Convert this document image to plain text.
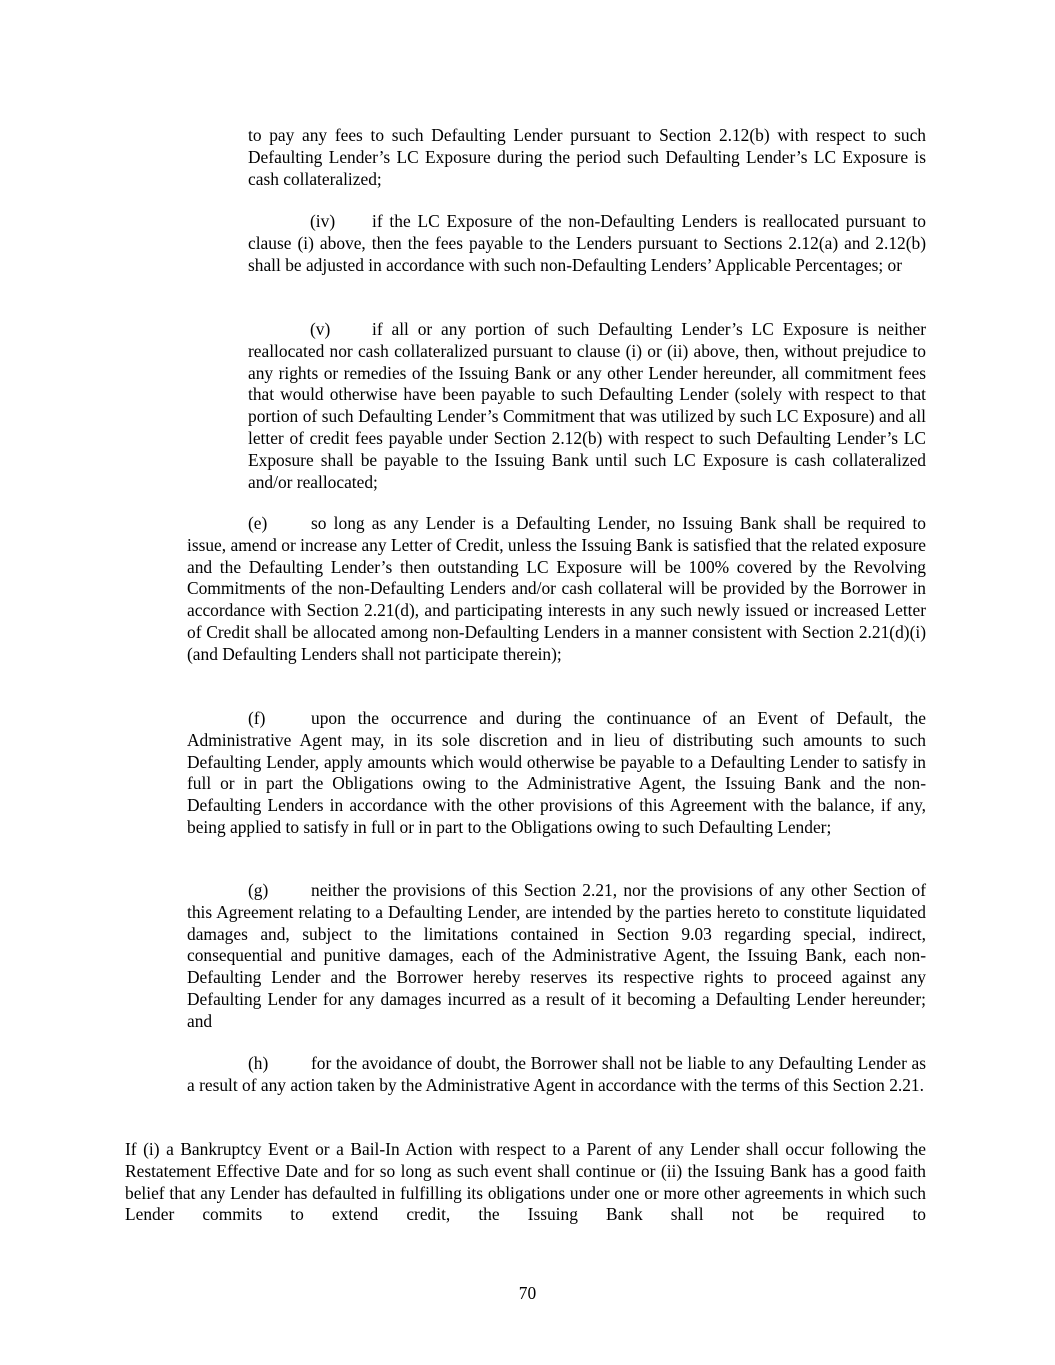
to pay any fees to such Defaulting Lender pursuant to Section 2.12(b) with respect to such Defaulting Lender’s LC Exposure during the period such Defaulting Lender’s LC Exposure is cash collateralized;

(iv) if the LC Exposure of the non-Defaulting Lenders is reallocated pursuant to clause (i) above, then the fees payable to the Lenders pursuant to Sections 2.12(a) and 2.12(b) shall be adjusted in accordance with such non-Defaulting Lenders’ Applicable Percentages; or

(v) if all or any portion of such Defaulting Lender’s LC Exposure is neither reallocated nor cash collateralized pursuant to clause (i) or (ii) above, then, without prejudice to any rights or remedies of the Issuing Bank or any other Lender hereunder, all commitment fees that would otherwise have been payable to such Defaulting Lender (solely with respect to that portion of such Defaulting Lender’s Commitment that was utilized by such LC Exposure) and all letter of credit fees payable under Section 2.12(b) with respect to such Defaulting Lender’s LC Exposure shall be payable to the Issuing Bank until such LC Exposure is cash collateralized and/or reallocated;

(e)	so long as any Lender is a Defaulting Lender, no Issuing Bank shall be required to issue, amend or increase any Letter of Credit, unless the Issuing Bank is satisfied that the related exposure and the Defaulting Lender’s then outstanding LC Exposure will be 100% covered by the Revolving Commitments of the non-Defaulting Lenders and/or cash collateral will be provided by the Borrower in accordance with Section 2.21(d), and participating interests in any such newly issued or increased Letter of Credit shall be allocated among non-Defaulting Lenders in a manner consistent with Section 2.21(d)(i) (and Defaulting Lenders shall not participate therein);

(f)	upon the occurrence and during the continuance of an Event of Default, the Administrative Agent may, in its sole discretion and in lieu of distributing such amounts to such Defaulting Lender, apply amounts which would otherwise be payable to a Defaulting Lender to satisfy in full or in part the Obligations owing to the Administrative Agent, the Issuing Bank and the non-Defaulting Lenders in accordance with the other provisions of this Agreement with the balance, if any, being applied to satisfy in full or in part to the Obligations owing to such Defaulting Lender;

(g) neither the provisions of this Section 2.21, nor the provisions of any other Section of this Agreement relating to a Defaulting Lender, are intended by the parties hereto to constitute liquidated damages and, subject to the limitations contained in Section 9.03 regarding special, indirect, consequential and punitive damages, each of the Administrative Agent, the Issuing Bank, each non-Defaulting Lender and the Borrower hereby reserves its respective rights to proceed against any Defaulting Lender for any damages incurred as a result of it becoming a Defaulting Lender hereunder; and

(h) for the avoidance of doubt, the Borrower shall not be liable to any Defaulting Lender as a result of any action taken by the Administrative Agent in accordance with the terms of this Section 2.21.

If (i) a Bankruptcy Event or a Bail-In Action with respect to a Parent of any Lender shall occur following the Restatement Effective Date and for so long as such event shall continue or (ii) the Issuing Bank has a good faith belief that any Lender has defaulted in fulfilling its obligations under one or more other agreements in which such Lender commits to extend credit, the Issuing Bank shall not be required to

70
